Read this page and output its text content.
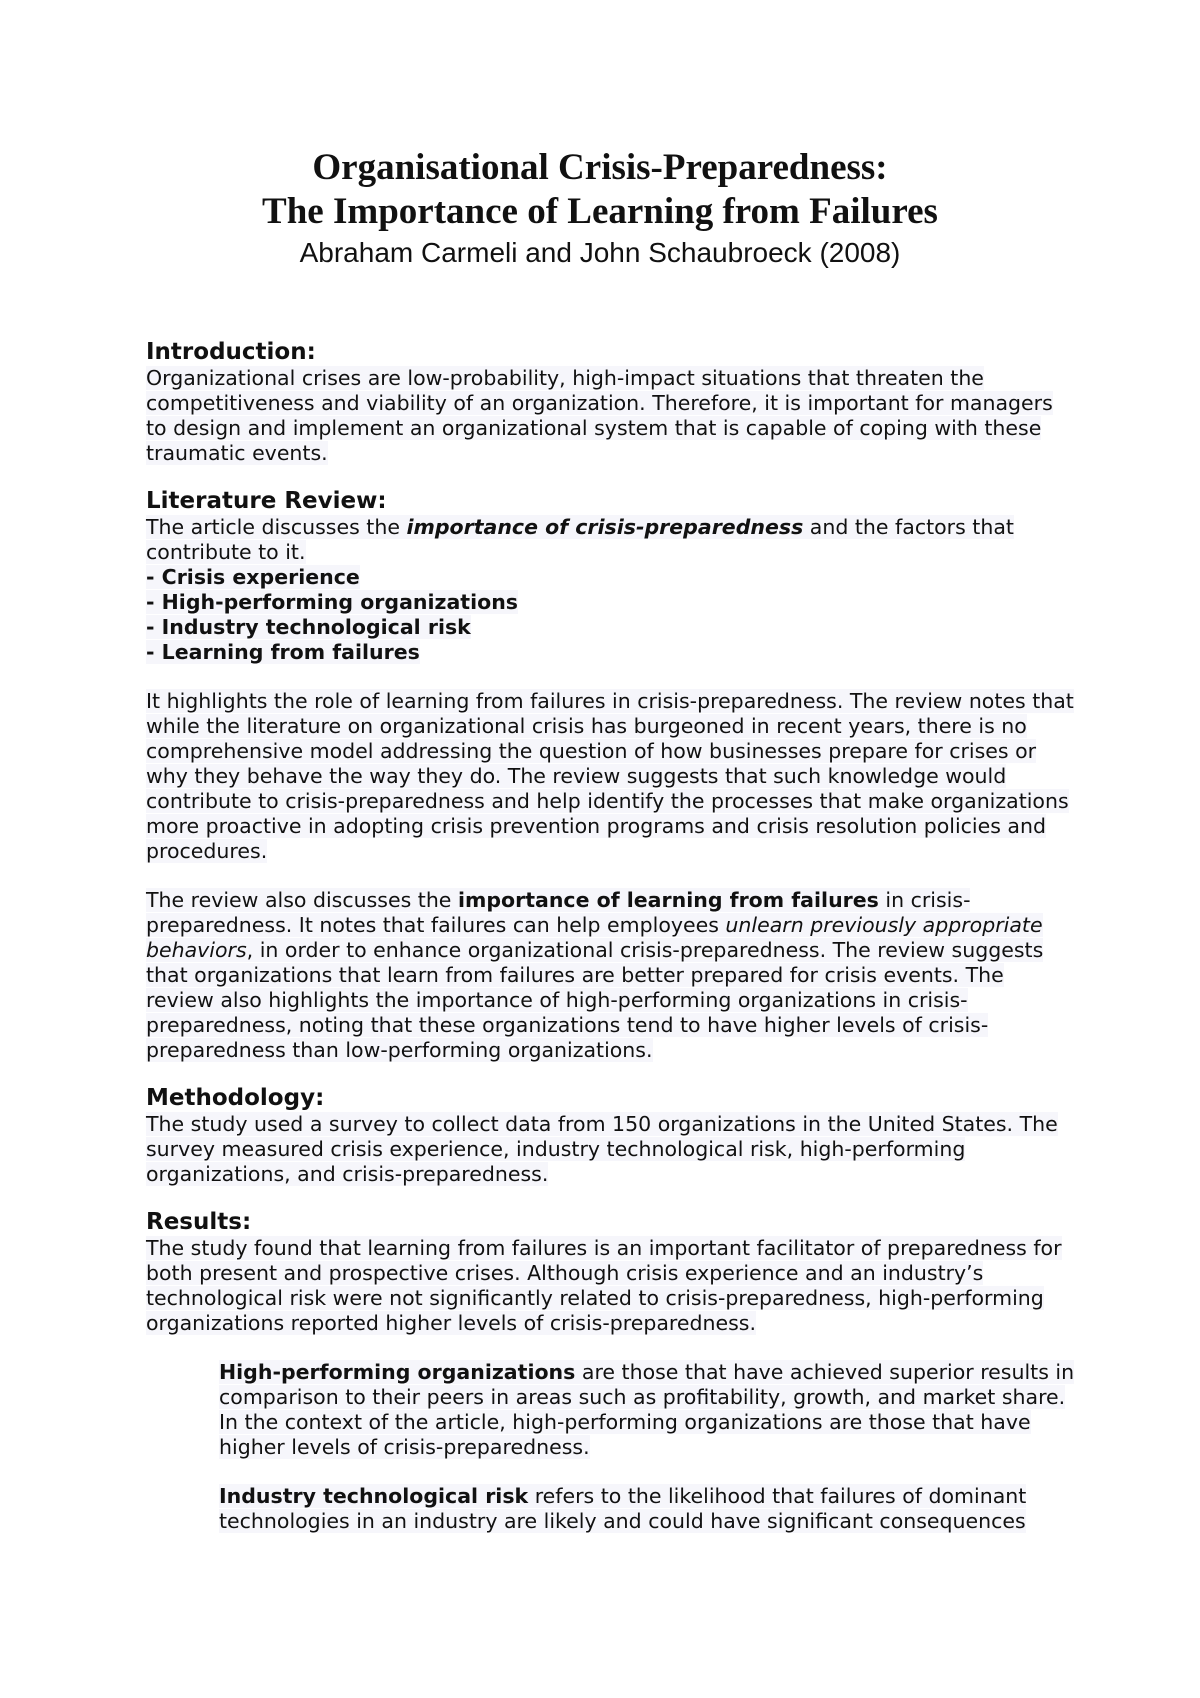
Organisational Crisis-Preparedness:
The Importance of Learning from Failures
Abraham Carmeli and John Schaubroeck (2008)
Introduction:

Organizational crises are low-probability, high-impact situations that threaten the competitiveness and viability of an organization. Therefore, it is important for managers to design and implement an organizational system that is capable of coping with these traumatic events.

Literature Review:

The article discusses the importance of crisis-preparedness and the factors that contribute to it.

- Crisis experience
- High-performing organizations
- Industry technological risk
- Learning from failures

It highlights the role of learning from failures in crisis-preparedness. The review notes that while the literature on organizational crisis has burgeoned in recent years, there is no comprehensive model addressing the question of how businesses prepare for crises or why they behave the way they do. The review suggests that such knowledge would contribute to crisis-preparedness and help identify the processes that make organizations more proactive in adopting crisis prevention programs and crisis resolution policies and procedures.

The review also discusses the importance of learning from failures in crisis-preparedness. It notes that failures can help employees unlearn previously appropriate behaviors, in order to enhance organizational crisis-preparedness. The review suggests that organizations that learn from failures are better prepared for crisis events. The review also highlights the importance of high-performing organizations in crisis-preparedness, noting that these organizations tend to have higher levels of crisis-preparedness than low-performing organizations.

Methodology:

The study used a survey to collect data from 150 organizations in the United States. The survey measured crisis experience, industry technological risk, high-performing organizations, and crisis-preparedness.

Results:

The study found that learning from failures is an important facilitator of preparedness for both present and prospective crises. Although crisis experience and an industry’s technological risk were not significantly related to crisis-preparedness, high-performing organizations reported higher levels of crisis-preparedness.

High-performing organizations are those that have achieved superior results in comparison to their peers in areas such as profitability, growth, and market share. In the context of the article, high-performing organizations are those that have higher levels of crisis-preparedness.

Industry technological risk refers to the likelihood that failures of dominant technologies in an industry are likely and could have significant consequences
